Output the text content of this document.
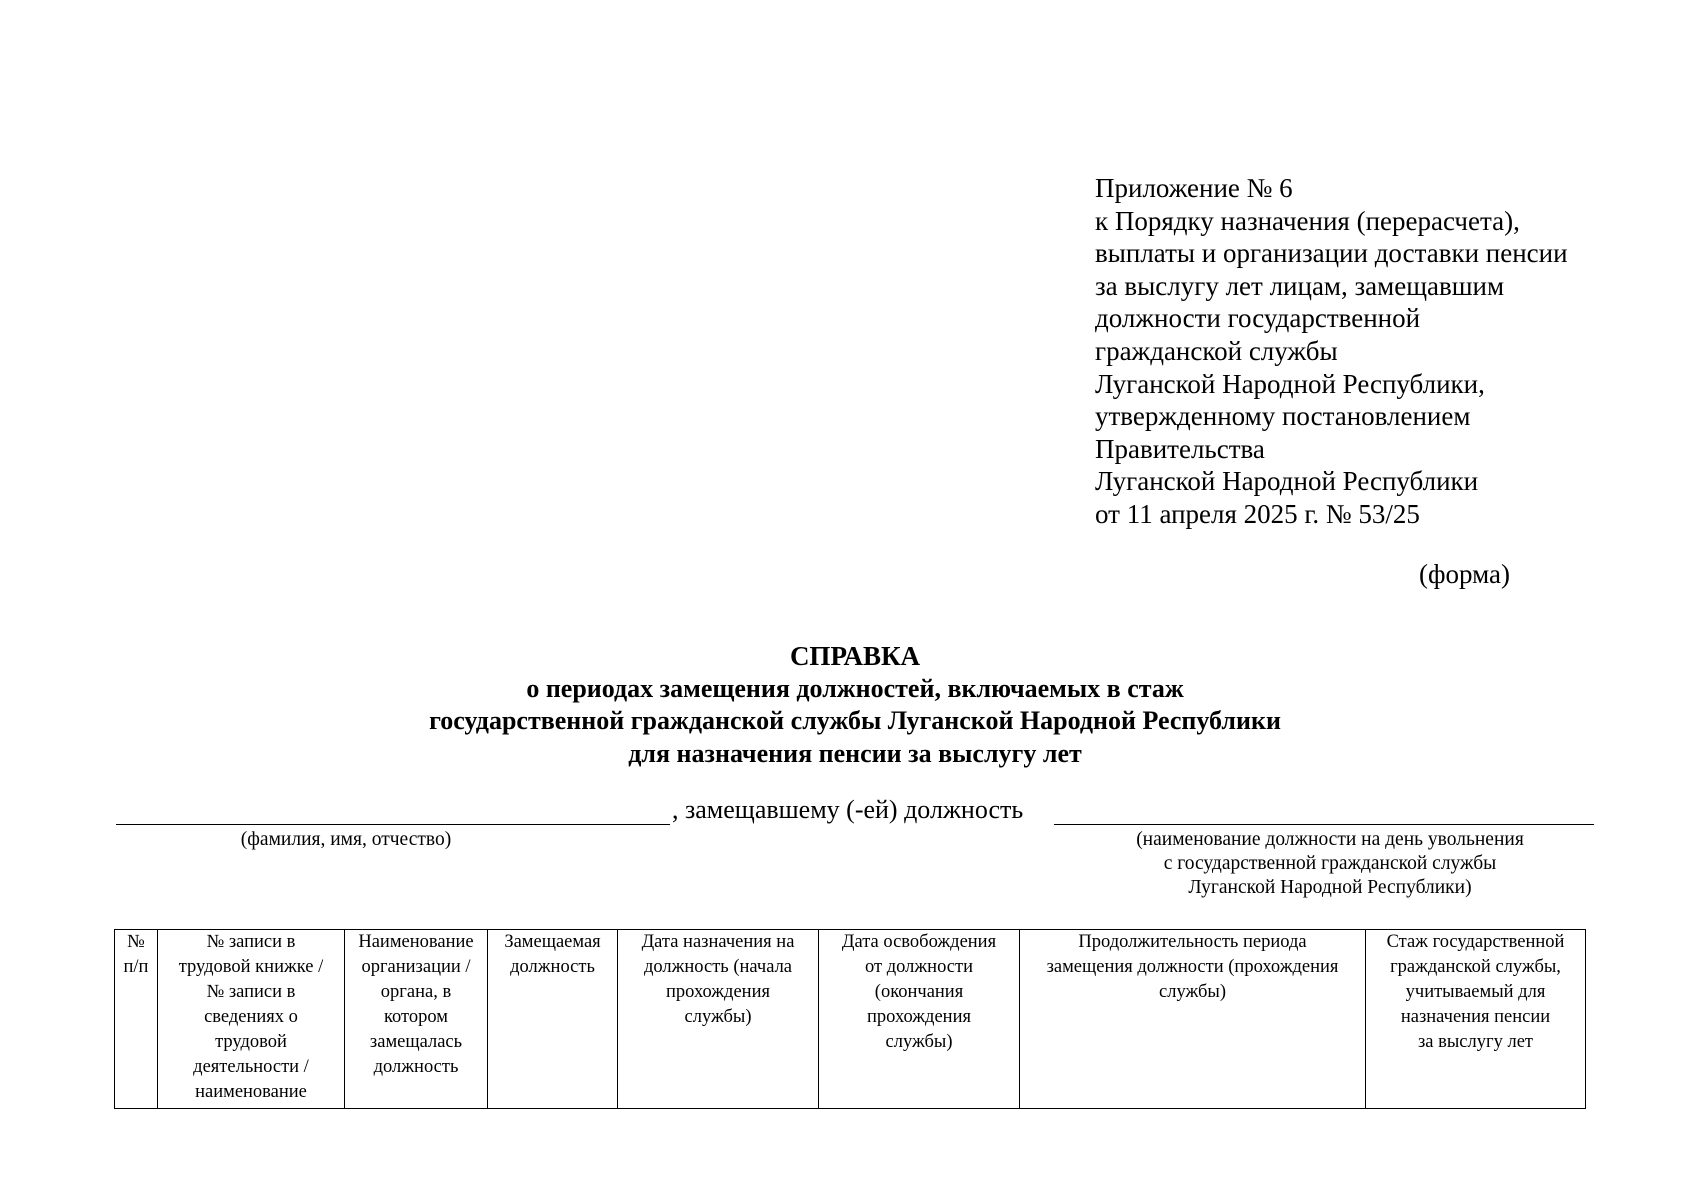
Приложение № 6
к Порядку назначения (перерасчета),
выплаты и организации доставки пенсии
за выслугу лет лицам, замещавшим
должности государственной
гражданской службы
Луганской Народной Республики,
утвержденному постановлением
Правительства
Луганской Народной Республики
от 11 апреля 2025 г. № 53/25
(форма)
СПРАВКА
о периодах замещения должностей, включаемых в стаж
государственной гражданской службы Луганской Народной Республики
для назначения пенсии за выслугу лет
, замещавшему (-ей) должность
(фамилия, имя, отчество)	(наименование должности на день увольнения
с государственной гражданской службы
Луганской Народной Республики)
№
п/п	№ записи в
трудовой книжке /
№ записи в
сведениях о
трудовой
деятельности /
наименование	Наименование
организации /
органа, в
котором
замещалась
должность	Замещаемая
должность	Дата назначения на
должность (начала
прохождения
службы)	Дата освобождения
от должности
(окончания
прохождения
службы)	Продолжительность периода
замещения должности (прохождения
службы)	Стаж государственной
гражданской службы,
учитываемый для
назначения пенсии
за выслугу лет
